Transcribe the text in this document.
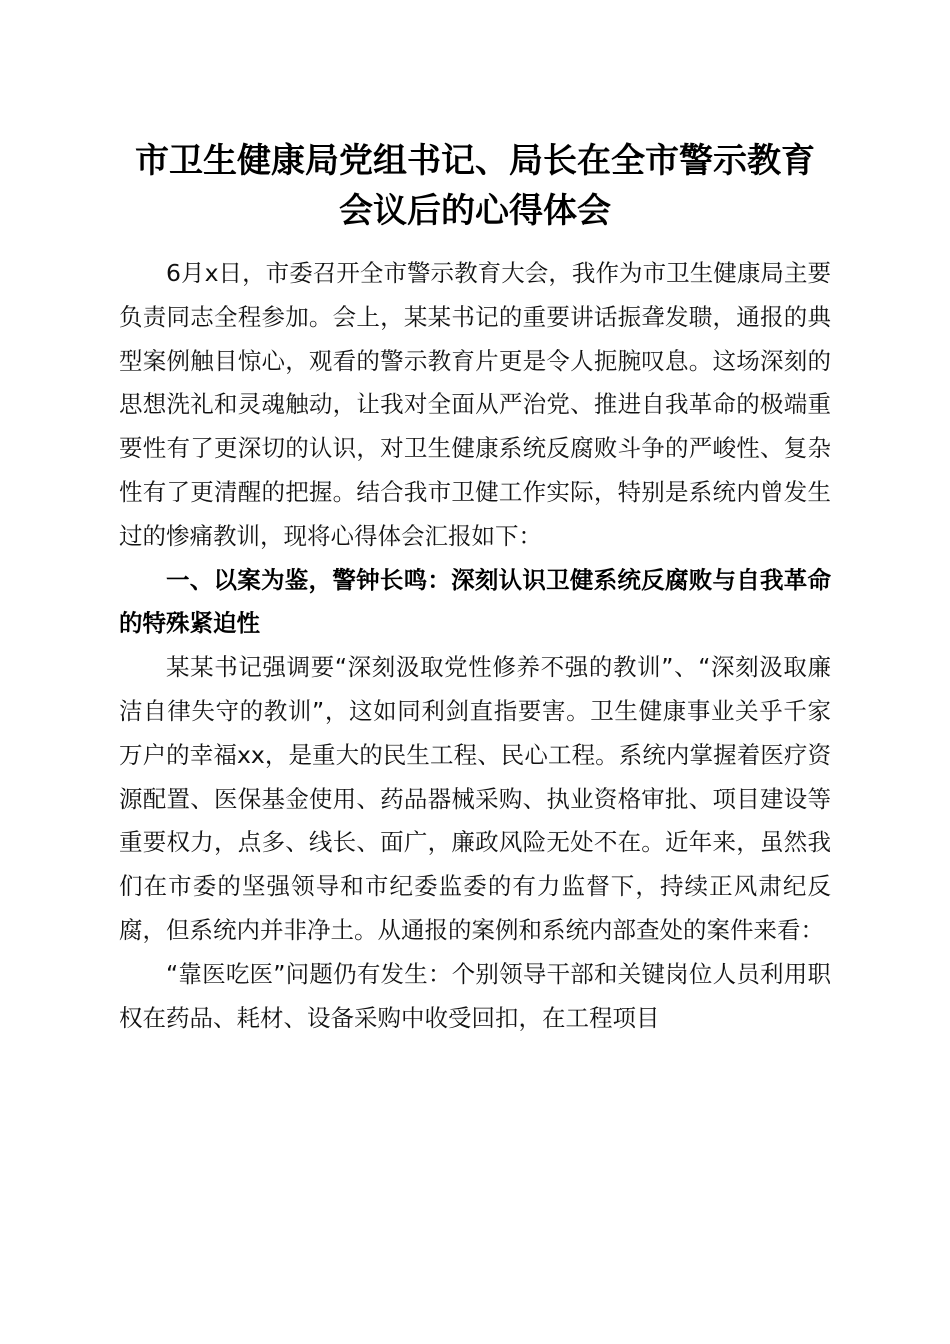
市卫生健康局党组书记、局长在全市警示教育
会议后的心得体会

6月x日，市委召开全市警示教育大会，我作为市卫生健康局主要负责同志全程参加。会上，某某书记的重要讲话振聋发聩，通报的典型案例触目惊心，观看的警示教育片更是令人扼腕叹息。这场深刻的思想洗礼和灵魂触动，让我对全面从严治党、推进自我革命的极端重要性有了更深切的认识，对卫生健康系统反腐败斗争的严峻性、复杂性有了更清醒的把握。结合我市卫健工作实际，特别是系统内曾发生过的惨痛教训，现将心得体会汇报如下：

一、以案为鉴，警钟长鸣：深刻认识卫健系统反腐败与自我革命的特殊紧迫性

某某书记强调要“深刻汲取党性修养不强的教训”、“深刻汲取廉洁自律失守的教训”，这如同利剑直指要害。卫生健康事业关乎千家万户的幸福xx，是重大的民生工程、民心工程。系统内掌握着医疗资源配置、医保基金使用、药品器械采购、执业资格审批、项目建设等重要权力，点多、线长、面广，廉政风险无处不在。近年来，虽然我们在市委的坚强领导和市纪委监委的有力监督下，持续正风肃纪反腐，但系统内并非净土。从通报的案例和系统内部查处的案件来看：

“靠医吃医”问题仍有发生：个别领导干部和关键岗位人员利用职权在药品、耗材、设备采购中收受回扣，在工程项目
